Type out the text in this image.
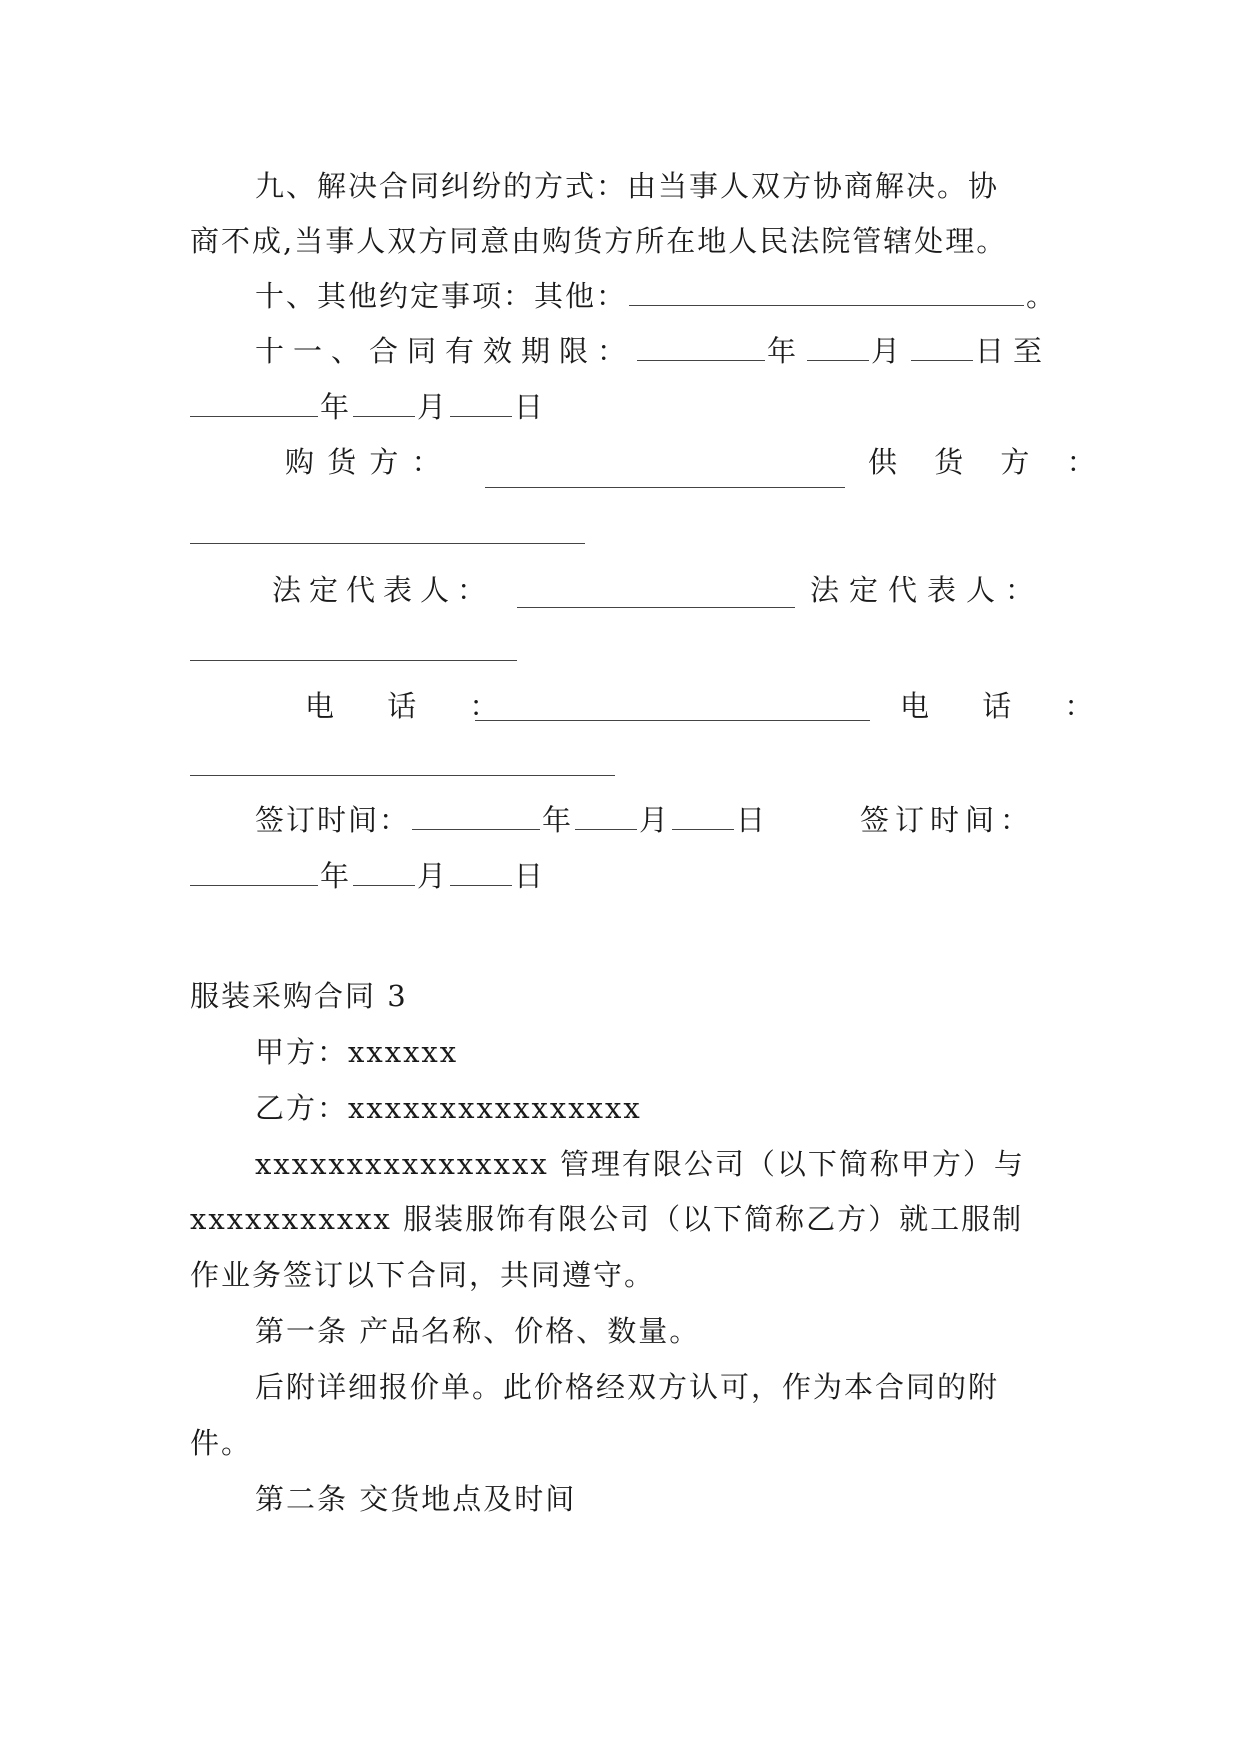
九、解决合同纠纷的方式：由当事人双方协商解决。协
商不成,当事人双方同意由购货方所在地人民法院管辖处理。
十、其他约定事项：其他：	。
十一、合同有效期限：	年 月 日至
年 月 日
购 货 方 ：	供 货 方 ：
法定代表人：	法定代表人：
电 话 ：	电 话 ：
签订时间：	年 月 日	签订时间：
年 月 日
服装采购合同 3
甲方：xxxxxx
乙方：xxxxxxxxxxxxxxxx
xxxxxxxxxxxxxxxx 管理有限公司（以下简称甲方）与
xxxxxxxxxxx 服装服饰有限公司（以下简称乙方）就工服制
作业务签订以下合同，共同遵守。
第一条 产品名称、价格、数量。
后附详细报价单。此价格经双方认可，作为本合同的附
件。
第二条 交货地点及时间
